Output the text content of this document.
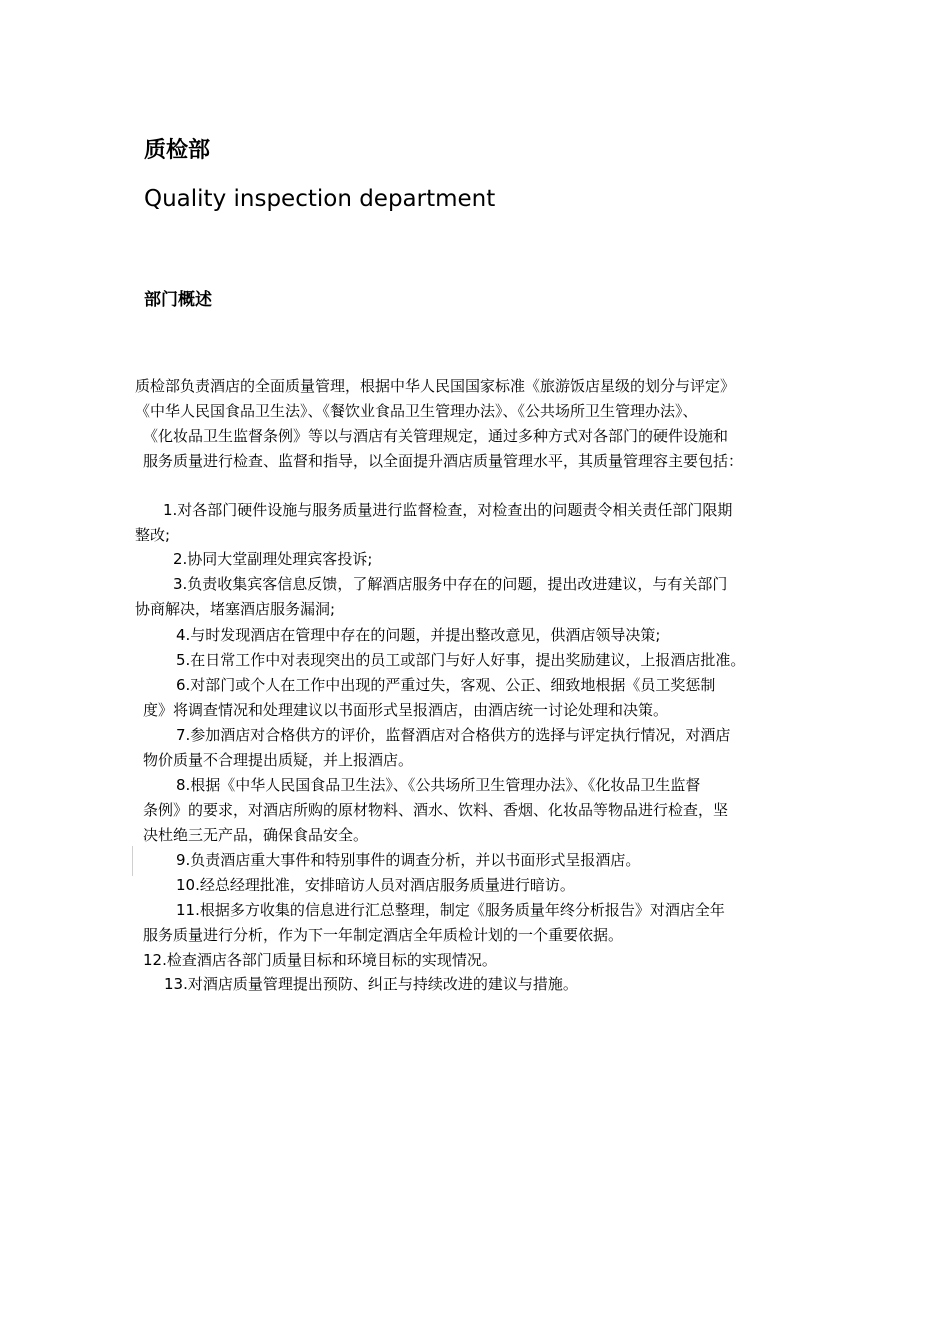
质检部
Quality inspection department
部门概述
质检部负责酒店的全面质量管理，根据中华人民国国家标准《旅游饭店星级的划分与评定》
《中华人民国食品卫生法》、《餐饮业食品卫生管理办法》、《公共场所卫生管理办法》、
《化妆品卫生监督条例》等以与酒店有关管理规定，通过多种方式对各部门的硬件设施和
服务质量进行检查、监督和指导，以全面提升酒店质量管理水平，其质量管理容主要包括：
1.对各部门硬件设施与服务质量进行监督检查，对检查出的问题责令相关责任部门限期
整改;
2.协同大堂副理处理宾客投诉;
3.负责收集宾客信息反馈，了解酒店服务中存在的问题，提出改进建议，与有关部门
协商解决，堵塞酒店服务漏洞;
4.与时发现酒店在管理中存在的问题，并提出整改意见，供酒店领导决策;
5.在日常工作中对表现突出的员工或部门与好人好事，提出奖励建议，上报酒店批准。
6.对部门或个人在工作中出现的严重过失，客观、公正、细致地根据《员工奖惩制
度》将调查情况和处理建议以书面形式呈报酒店，由酒店统一讨论处理和决策。
7.参加酒店对合格供方的评价，监督酒店对合格供方的选择与评定执行情况，对酒店
物价质量不合理提出质疑，并上报酒店。
8.根据《中华人民国食品卫生法》、《公共场所卫生管理办法》、《化妆品卫生监督
条例》的要求，对酒店所购的原材物料、酒水、饮料、香烟、化妆品等物品进行检查，坚
决杜绝三无产品，确保食品安全。
9.负责酒店重大事件和特别事件的调查分析，并以书面形式呈报酒店。
10.经总经理批准，安排暗访人员对酒店服务质量进行暗访。
11.根据多方收集的信息进行汇总整理，制定《服务质量年终分析报告》对酒店全年
服务质量进行分析，作为下一年制定酒店全年质检计划的一个重要依据。
12.检查酒店各部门质量目标和环境目标的实现情况。
13.对酒店质量管理提出预防、纠正与持续改进的建议与措施。
